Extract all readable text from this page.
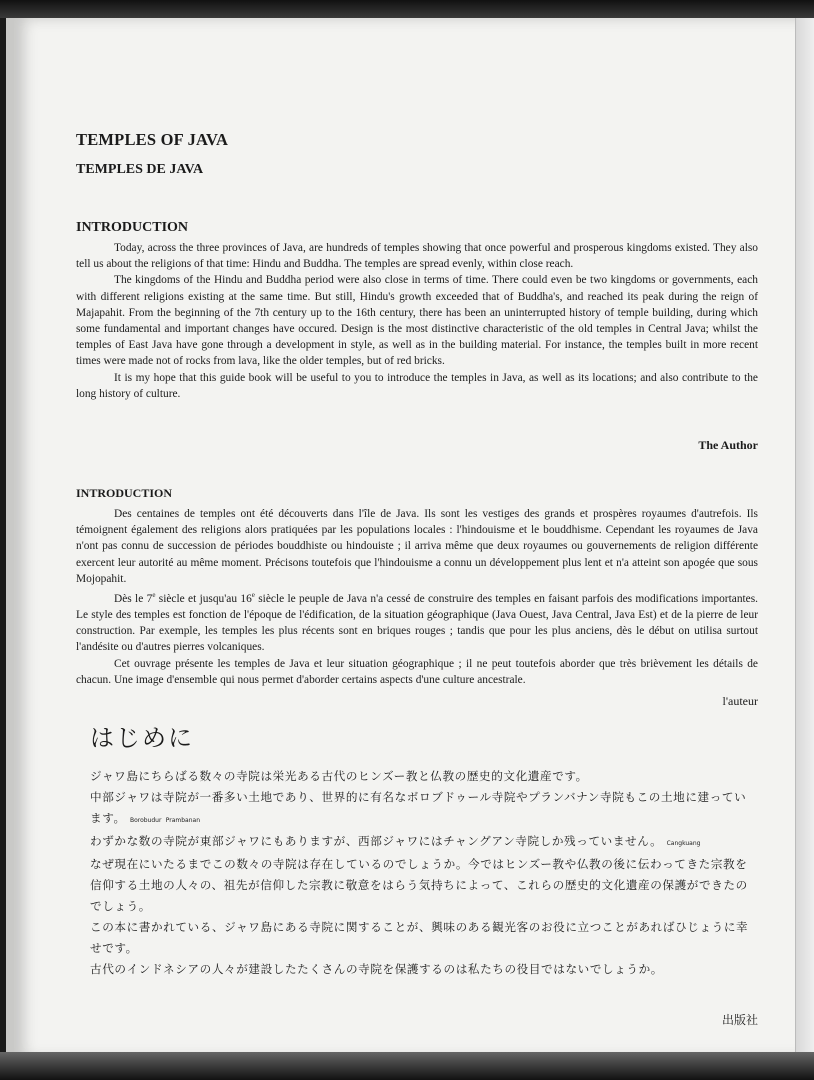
TEMPLES OF JAVA
TEMPLES DE JAVA
INTRODUCTION

Today, across the three provinces of Java, are hundreds of temples showing that once powerful and prosperous kingdoms existed. They also tell us about the religions of that time: Hindu and Buddha. The temples are spread evenly, within close reach.

The kingdoms of the Hindu and Buddha period were also close in terms of time. There could even be two kingdoms or governments, each with different religions existing at the same time. But still, Hindu's growth exceeded that of Buddha's, and reached its peak during the reign of Majapahit. From the beginning of the 7th century up to the 16th century, there has been an uninterrupted history of temple building, during which some fundamental and important changes have occured. Design is the most distinctive characteristic of the old temples in Central Java; whilst the temples of East Java have gone through a development in style, as well as in the building material. For instance, the temples built in more recent times were made not of rocks from lava, like the older temples, but of red bricks.

It is my hope that this guide book will be useful to you to introduce the temples in Java, as well as its locations; and also contribute to the long history of culture.

The Author
INTRODUCTION

Des centaines de temples ont été découverts dans l'île de Java. Ils sont les vestiges des grands et prospères royaumes d'autrefois. Ils témoignent également des religions alors pratiquées par les populations locales : l'hindouisme et le bouddhisme. Cependant les royaumes de Java n'ont pas connu de succession de périodes bouddhiste ou hindouiste ; il arriva même que deux royaumes ou gouvernements de religion différente exercent leur autorité au même moment. Précisons toutefois que l'hindouisme a connu un développement plus lent et n'a atteint son apogée que sous Mojopahit.

Dès le 7e siècle et jusqu'au 16e siècle le peuple de Java n'a cessé de construire des temples en faisant parfois des modifications importantes. Le style des temples est fonction de l'époque de l'édification, de la situation géographique (Java Ouest, Java Central, Java Est) et de la pierre de leur construction. Par exemple, les temples les plus récents sont en briques rouges ; tandis que pour les plus anciens, dès le début on utilisa surtout l'andésite ou d'autres pierres volcaniques.

Cet ouvrage présente les temples de Java et leur situation géographique ; il ne peut toutefois aborder que très brièvement les détails de chacun. Une image d'ensemble qui nous permet d'aborder certains aspects d'une culture ancestrale.

l'auteur
はじめに

ジャワ島にちらばる数々の寺院は栄光ある古代のヒンズー教と仏教の歴史的文化遺産です。

中部ジャワは寺院が一番多い土地であり、世界的に有名なボロブドゥール寺院やプランバナン寺院もこの土地に建っています。 Borobudur Prambanan

わずかな数の寺院が東部ジャワにもありますが、西部ジャワにはチャングアン寺院しか残っていません。 Cangkuang

なぜ現在にいたるまでこの数々の寺院は存在しているのでしょうか。今ではヒンズー教や仏教の後に伝わってきた宗教を信仰する土地の人々の、祖先が信仰した宗教に敬意をはらう気持ちによって、これらの歴史的文化遺産の保護ができたのでしょう。

この本に書かれている、ジャワ島にある寺院に関することが、興味のある観光客のお役に立つことがあればひじょうに幸せです。

古代のインドネシアの人々が建設したたくさんの寺院を保護するのは私たちの役目ではないでしょうか。

出版社
